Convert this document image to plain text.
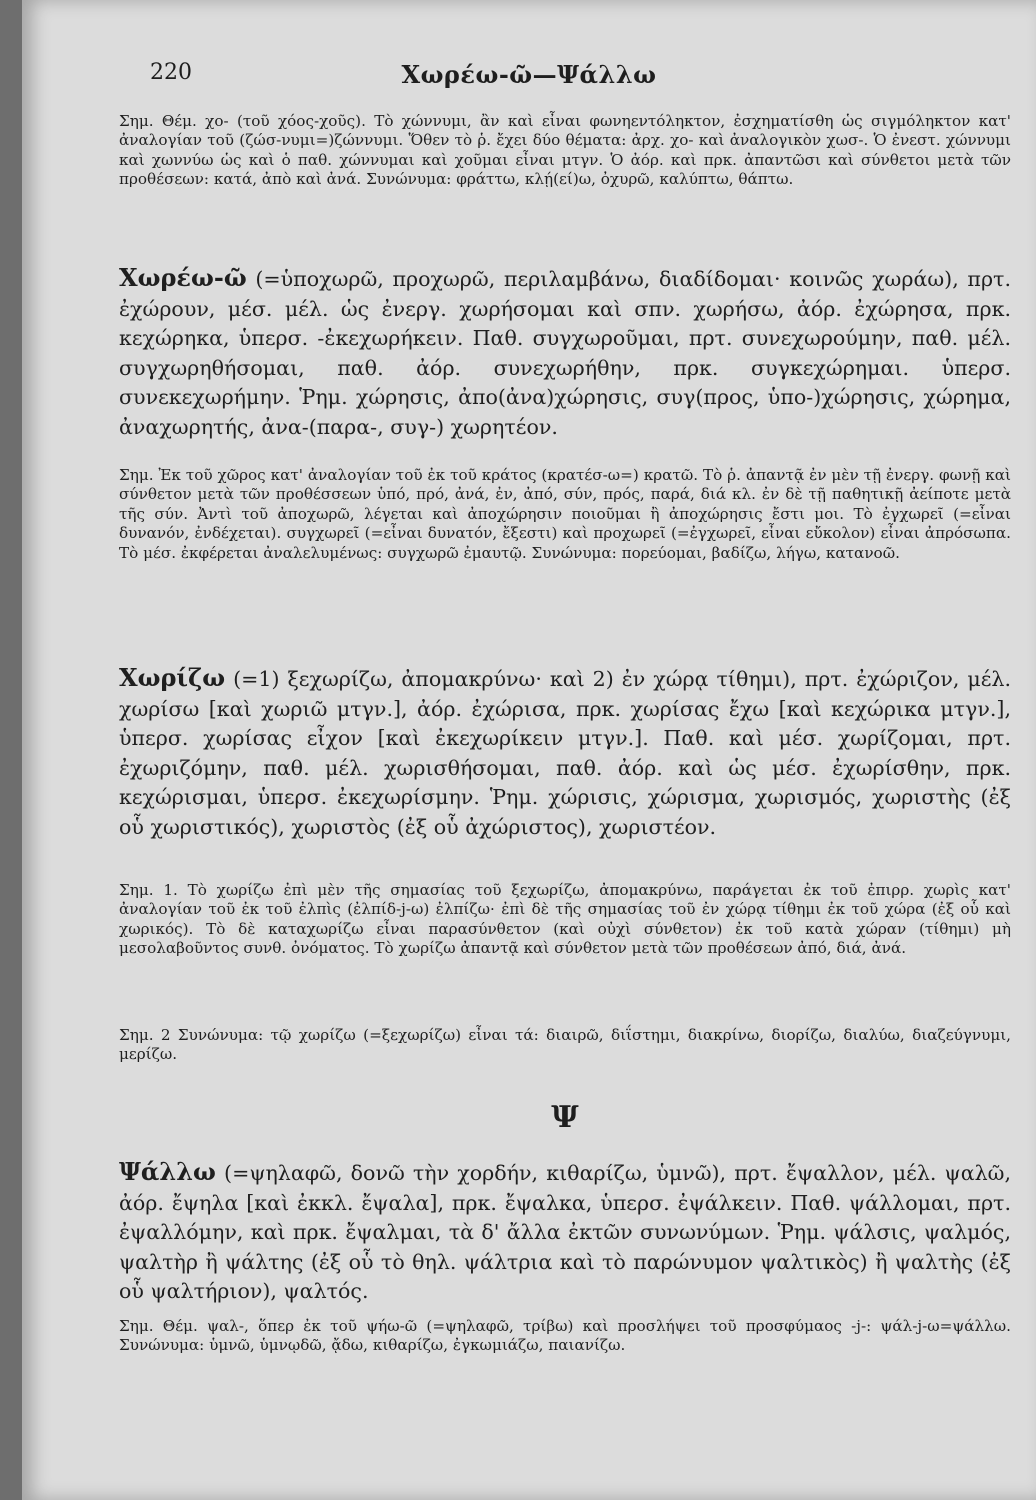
220	Χωρέω-ῶ—Ψάλλω

Σημ. Θέμ. χο- (τοῦ χόος-χοῦς). Τὸ χώννυμι, ἂν καὶ εἶναι φωνηεντόληκτον, ἐσχηματίσθη ὡς σιγμόληκτον κατ' ἀναλογίαν τοῦ (ζώσ-νυμι=)ζώννυμι. Ὅθεν τὸ ῥ. ἔχει δύο θέματα: ἀρχ. χο- καὶ ἀναλογικὸν χωσ-. Ὁ ἐνεστ. χώννυμι καὶ χωννύω ὡς καὶ ὁ παθ. χώννυμαι καὶ χοῦμαι εἶναι μτγν. Ὁ ἀόρ. καὶ πρκ. ἀπαντῶσι καὶ σύνθετοι μετὰ τῶν προθέσεων: κατά, ἀπὸ καὶ ἀνά. Συνώνυμα: φράττω, κλῄ(εί)ω, ὀχυρῶ, καλύπτω, θάπτω.

Χωρέω-ῶ (=ὑποχωρῶ, προχωρῶ, περιλαμβάνω, διαδίδομαι· κοινῶς χωράω), πρτ. ἐχώρουν, μέσ. μέλ. ὡς ἐνεργ. χωρήσομαι καὶ σπν. χωρήσω, ἀόρ. ἐχώρησα, πρκ. κεχώρηκα, ὑπερσ. -ἐκεχωρήκειν. Παθ. συγχωροῦμαι, πρτ. συνεχωρούμην, παθ. μέλ. συγχωρηθήσομαι, παθ. ἀόρ. συνεχωρήθην, πρκ. συγκεχώρημαι. ὑπερσ. συνεκεχωρήμην. Ῥημ. χώρησις, ἀπο(ἀνα)χώρησις, συγ(προς, ὑπο-)χώρησις, χώρημα, ἀναχωρητής, ἀνα-(παρα-, συγ-) χωρητέον.

Σημ. Ἐκ τοῦ χῶρος κατ' ἀναλογίαν τοῦ ἐκ τοῦ κράτος (κρατέσ-ω=) κρατῶ. Τὸ ῥ. ἀπαντᾷ ἐν μὲν τῇ ἐνεργ. φωνῇ καὶ σύνθετον μετὰ τῶν προθέσσεων ὑπό, πρό, ἀνά, ἐν, ἀπό, σύν, πρός, παρά, διά κλ. ἐν δὲ τῇ παθητικῇ ἀείποτε μετὰ τῆς σύν. Ἀντὶ τοῦ ἀποχωρῶ, λέγεται καὶ ἀποχώρησιν ποιοῦμαι ἢ ἀποχώρησις ἔστι μοι. Τὸ ἐγχωρεῖ (=εἶναι δυνανόν, ἐνδέχεται). συγχωρεῖ (=εἶναι δυνατόν, ἔξεστι) καὶ προχωρεῖ (=ἐγχωρεῖ, εἶναι εὔκολον) εἶναι ἀπρόσωπα. Τὸ μέσ. ἐκφέρεται ἀναλελυμένως: συγχωρῶ ἐμαυτῷ. Συνώνυμα: πορεύομαι, βαδίζω, λήγω, κατανοῶ.

Χωρίζω (=1) ξεχωρίζω, ἀπομακρύνω· καὶ 2) ἐν χώρᾳ τίθημι), πρτ. ἐχώριζον, μέλ. χωρίσω [καὶ χωριῶ μτγν.], ἀόρ. ἐχώρισα, πρκ. χωρίσας ἔχω [καὶ κεχώρικα μτγν.], ὑπερσ. χωρίσας εἶχον [καὶ ἐκεχωρίκειν μτγν.]. Παθ. καὶ μέσ. χωρίζομαι, πρτ. ἐχωριζόμην, παθ. μέλ. χωρισθήσομαι, παθ. ἀόρ. καὶ ὡς μέσ. ἐχωρίσθην, πρκ. κεχώρισμαι, ὑπερσ. ἐκεχωρίσμην. Ῥημ. χώρισις, χώρισμα, χωρισμός, χωριστὴς (ἐξ οὗ χωριστικός), χωριστὸς (ἐξ οὗ ἀχώριστος), χωριστέον.

Σημ. 1. Τὸ χωρίζω ἐπὶ μὲν τῆς σημασίας τοῦ ξεχωρίζω, ἀπομακρύνω, παράγεται ἐκ τοῦ ἐπιρρ. χωρὶς κατ' ἀναλογίαν τοῦ ἐκ τοῦ ἐλπὶς (ἐλπίδ-j-ω) ἐλπίζω· ἐπὶ δὲ τῆς σημασίας τοῦ ἐν χώρᾳ τίθημι ἐκ τοῦ χώρα (ἐξ οὗ καὶ χωρικός). Τὸ δὲ καταχωρίζω εἶναι παρασύνθετον (καὶ οὐχὶ σύνθετον) ἐκ τοῦ κατὰ χώραν (τίθημι) μὴ μεσολαβοῦντος συνθ. ὀνόματος. Τὸ χωρίζω ἀπαντᾷ καὶ σύνθετον μετὰ τῶν προθέσεων ἀπό, διά, ἀνά.

Σημ. 2 Συνώνυμα: τῷ χωρίζω (=ξεχωρίζω) εἶναι τά: διαιρῶ, διΐστημι, διακρίνω, διορίζω, διαλύω, διαζεύγνυμι, μερίζω.

Ψ

Ψάλλω (=ψηλαφῶ, δονῶ τὴν χορδήν, κιθαρίζω, ὑμνῶ), πρτ. ἔψαλλον, μέλ. ψαλῶ, ἀόρ. ἔψηλα [καὶ ἐκκλ. ἔψαλα], πρκ. ἔψαλκα, ὑπερσ. ἐψάλκειν. Παθ. ψάλλομαι, πρτ. ἐψαλλόμην, καὶ πρκ. ἔψαλμαι, τὰ δ' ἄλλα ἐκτῶν συνωνύμων. Ῥημ. ψάλσις, ψαλμός, ψαλτὴρ ἢ ψάλτης (ἐξ οὗ τὸ θηλ. ψάλτρια καὶ τὸ παρώνυμον ψαλτικὸς) ἢ ψαλτὴς (ἐξ οὗ ψαλτήριον), ψαλτός.

Σημ. Θέμ. ψαλ-, ὅπερ ἐκ τοῦ ψήω-ῶ (=ψηλαφῶ, τρίβω) καὶ προσλήψει τοῦ προσφύμαος -j-: ψάλ-j-ω=ψάλλω. Συνώνυμα: ὑμνῶ, ὑμνῳδῶ, ᾄδω, κιθαρίζω, ἐγκωμιάζω, παιανίζω.
